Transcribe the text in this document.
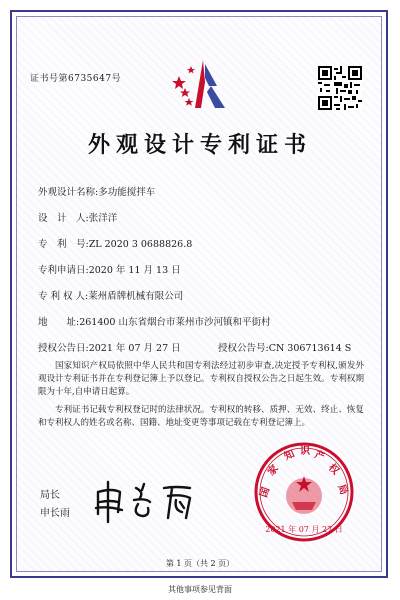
证书号第6735647号
外观设计专利证书
外观设计名称:多功能搅拌车
设　计　人:张洋洋
专　利　号:ZL 2020 3 0688826.8
专利申请日:2020 年 11 月 13 日
专 利 权 人:莱州盾牌机械有限公司
地　　址:261400 山东省烟台市莱州市沙河镇和平街村
授权公告日:2021 年 07 月 27 日	授权公告号:CN 306713614 S
国家知识产权局依照中华人民共和国专利法经过初步审查,决定授予专利权,颁发外观设计专利证书并在专利登记簿上予以登记。专利权自授权公告之日起生效。专利权期限为十年,自申请日起算。
专利证书记载专利权登记时的法律状况。专利权的转移、质押、无效、终止、恢复和专利权人的姓名或名称、国籍、地址变更等事项记载在专利登记簿上。
局长
申长雨
国
家
知 识 产
权
局
2021 年 07 月 27 日
第 1 页（共 2 页）
其他事项参见背面
